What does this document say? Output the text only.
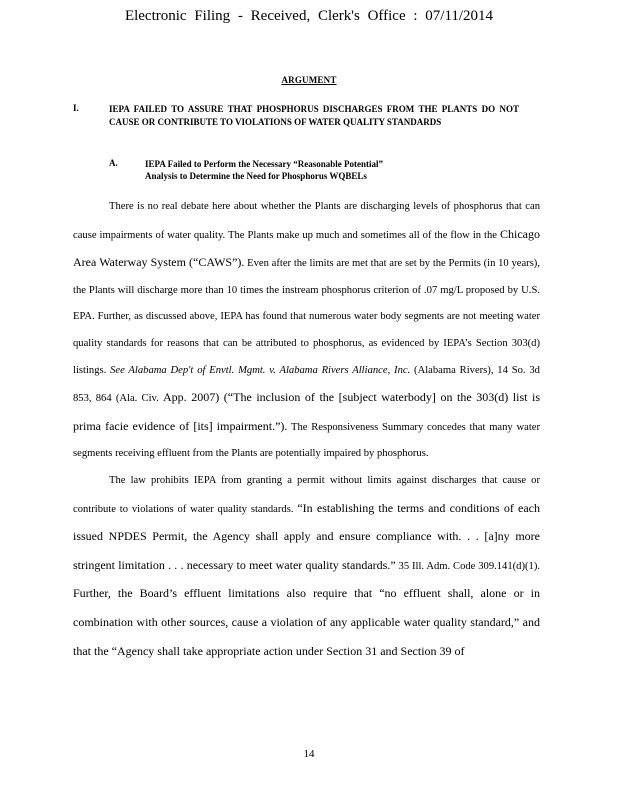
Electronic Filing - Received, Clerk's Office : 07/11/2014
ARGUMENT
I.	IEPA FAILED TO ASSURE THAT PHOSPHORUS DISCHARGES FROM THE PLANTS DO NOT CAUSE OR CONTRIBUTE TO VIOLATIONS OF WATER QUALITY STANDARDS
A.	IEPA Failed to Perform the Necessary “Reasonable Potential” Analysis to Determine the Need for Phosphorus WQBELs

There is no real debate here about whether the Plants are discharging levels of phosphorus that can cause impairments of water quality. The Plants make up much and sometimes all of the flow in the Chicago Area Waterway System (“CAWS”). Even after the limits are met that are set by the Permits (in 10 years), the Plants will discharge more than 10 times the instream phosphorus criterion of .07 mg/L proposed by U.S. EPA. Further, as discussed above, IEPA has found that numerous water body segments are not meeting water quality standards for reasons that can be attributed to phosphorus, as evidenced by IEPA’s Section 303(d) listings. See Alabama Dep't of Envtl. Mgmt. v. Alabama Rivers Alliance, Inc. (Alabama Rivers), 14 So. 3d 853, 864 (Ala. Civ. App. 2007) (“The inclusion of the [subject waterbody] on the 303(d) list is prima facie evidence of [its] impairment.”). The Responsiveness Summary concedes that many water segments receiving effluent from the Plants are potentially impaired by phosphorus.

The law prohibits IEPA from granting a permit without limits against discharges that cause or contribute to violations of water quality standards. “In establishing the terms and conditions of each issued NPDES Permit, the Agency shall apply and ensure compliance with. . . [a]ny more stringent limitation . . . necessary to meet water quality standards.” 35 Ill. Adm. Code 309.141(d)(1). Further, the Board’s effluent limitations also require that “no effluent shall, alone or in combination with other sources, cause a violation of any applicable water quality standard,” and that the “Agency shall take appropriate action under Section 31 and Section 39 of

14
